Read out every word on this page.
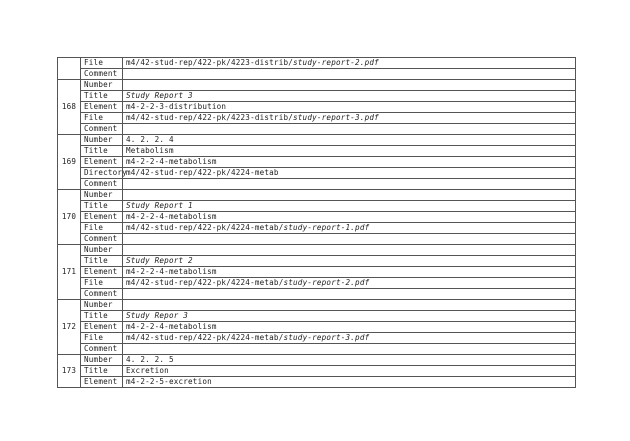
	File	m4/42-stud-rep/422-pk/4223-distrib/study-report-2.pdf
	Comment	
168	Number	
	Title	Study Report 3
	Element	m4-2-2-3-distribution
	File	m4/42-stud-rep/422-pk/4223-distrib/study-report-3.pdf
	Comment	
169	Number	4. 2. 2. 4
	Title	Metabolism
	Element	m4-2-2-4-metabolism
	Directory	m4/42-stud-rep/422-pk/4224-metab
	Comment	
170	Number	
	Title	Study Report 1
	Element	m4-2-2-4-metabolism
	File	m4/42-stud-rep/422-pk/4224-metab/study-report-1.pdf
	Comment	
171	Number	
	Title	Study Report 2
	Element	m4-2-2-4-metabolism
	File	m4/42-stud-rep/422-pk/4224-metab/study-report-2.pdf
	Comment	
172	Number	
	Title	Study Repor 3
	Element	m4-2-2-4-metabolism
	File	m4/42-stud-rep/422-pk/4224-metab/study-report-3.pdf
	Comment	
173	Number	4. 2. 2. 5
	Title	Excretion
	Element	m4-2-2-5-excretion
